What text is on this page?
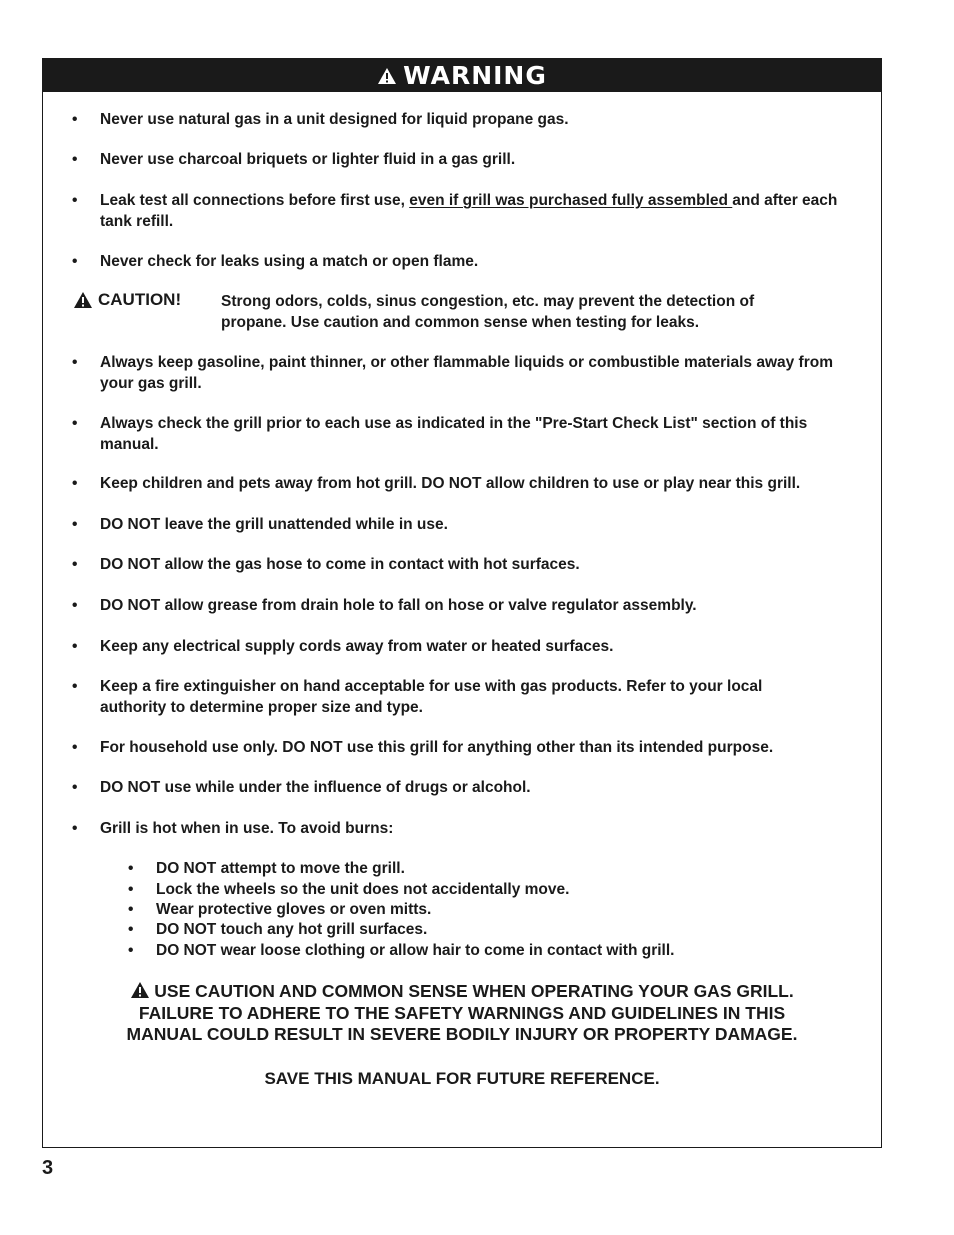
WARNING
• Never use natural gas in a unit designed for liquid propane gas.
• Never use charcoal briquets or lighter fluid in a gas grill.
• Leak test all connections before first use, even if grill was purchased fully assembled and after each tank refill.
• Never check for leaks using a match or open flame.
CAUTION!	Strong odors, colds, sinus congestion, etc. may prevent the detection of propane. Use caution and common sense when testing for leaks.
• Always keep gasoline, paint thinner, or other flammable liquids or combustible materials away from your gas grill.
• Always check the grill prior to each use as indicated in the "Pre-Start Check List" section of this manual.
• Keep children and pets away from hot grill. DO NOT allow children to use or play near this grill.
• DO NOT leave the grill unattended while in use.
• DO NOT allow the gas hose to come in contact with hot surfaces.
• DO NOT allow grease from drain hole to fall on hose or valve regulator assembly.
• Keep any electrical supply cords away from water or heated surfaces.
• Keep a fire extinguisher on hand acceptable for use with gas products. Refer to your local authority to determine proper size and type.
• For household use only. DO NOT use this grill for anything other than its intended purpose.
• DO NOT use while under the influence of drugs or alcohol.
• Grill is hot when in use. To avoid burns:
• DO NOT attempt to move the grill.
• Lock the wheels so the unit does not accidentally move.
• Wear protective gloves or oven mitts.
• DO NOT touch any hot grill surfaces.
• DO NOT wear loose clothing or allow hair to come in contact with grill.
USE CAUTION AND COMMON SENSE WHEN OPERATING YOUR GAS GRILL.
FAILURE TO ADHERE TO THE SAFETY WARNINGS AND GUIDELINES IN THIS
MANUAL COULD RESULT IN SEVERE BODILY INJURY OR PROPERTY DAMAGE.
SAVE THIS MANUAL FOR FUTURE REFERENCE.
3
